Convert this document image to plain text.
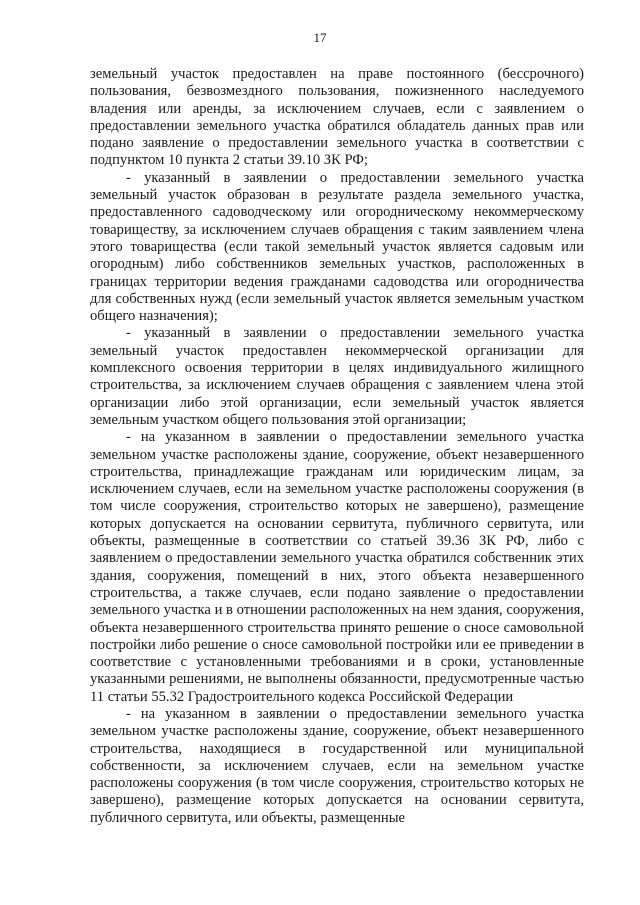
17

земельный участок предоставлен на праве постоянного (бессрочного) пользования, безвозмездного пользования, пожизненного наследуемого владения или аренды, за исключением случаев, если с заявлением о предоставлении земельного участка обратился обладатель данных прав или подано заявление о предоставлении земельного участка в соответствии с подпунктом 10 пункта 2 статьи 39.10 ЗК РФ;

- указанный в заявлении о предоставлении земельного участка земельный участок образован в результате раздела земельного участка, предоставленного садоводческому или огородническому некоммерческому товариществу, за исключением случаев обращения с таким заявлением члена этого товарищества (если такой земельный участок является садовым или огородным) либо собственников земельных участков, расположенных в границах территории ведения гражданами садоводства или огородничества для собственных нужд (если земельный участок является земельным участком общего назначения);

- указанный в заявлении о предоставлении земельного участка земельный участок предоставлен некоммерческой организации для комплексного освоения территории в целях индивидуального жилищного строительства, за исключением случаев обращения с заявлением члена этой организации либо этой организации, если земельный участок является земельным участком общего пользования этой организации;

- на указанном в заявлении о предоставлении земельного участка земельном участке расположены здание, сооружение, объект незавершенного строительства, принадлежащие гражданам или юридическим лицам, за исключением случаев, если на земельном участке расположены сооружения (в том числе сооружения, строительство которых не завершено), размещение которых допускается на основании сервитута, публичного сервитута, или объекты, размещенные в соответствии со статьей 39.36 ЗК РФ, либо с заявлением о предоставлении земельного участка обратился собственник этих здания, сооружения, помещений в них, этого объекта незавершенного строительства, а также случаев, если подано заявление о предоставлении земельного участка и в отношении расположенных на нем здания, сооружения, объекта незавершенного строительства принято решение о сносе самовольной постройки либо решение о сносе самовольной постройки или ее приведении в соответствие с установленными требованиями и в сроки, установленные указанными решениями, не выполнены обязанности, предусмотренные частью 11 статьи 55.32 Градостроительного кодекса Российской Федерации

- на указанном в заявлении о предоставлении земельного участка земельном участке расположены здание, сооружение, объект незавершенного строительства, находящиеся в государственной или муниципальной собственности, за исключением случаев, если на земельном участке расположены сооружения (в том числе сооружения, строительство которых не завершено), размещение которых допускается на основании сервитута, публичного сервитута, или объекты, размещенные
